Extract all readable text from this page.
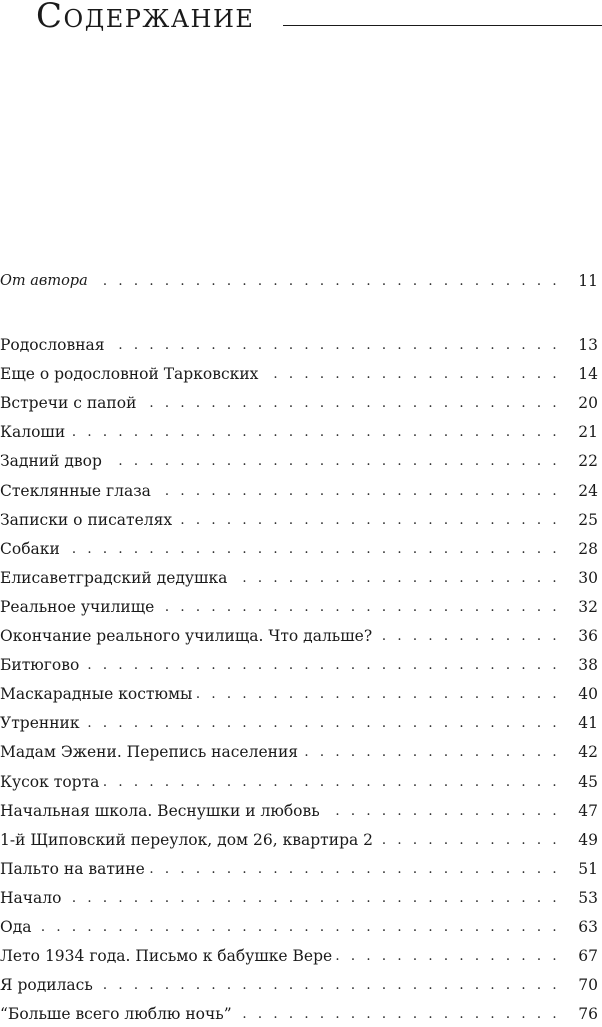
Содержание
. . .
От автора	11
. . .
Родословная	13
. . .
Еще о родословной Тарковских	14
. . .
Встречи с папой	20
. . .
Калоши	21
. . .
Задний двор	22
. . .
Стеклянные глаза	24
. . .
Записки о писателях	25
. . .
Собаки	28
. . .
Елисаветградский дедушка	30
. . .
Реальное училище	32
. . .
Окончание реального училища. Что дальше?	36
. . .
Битюгово	38
. . .
Маскарадные костюмы	40
. . .
Утренник	41
. . .
Мадам Эжени. Перепись населения	42
. . .
Кусок торта	45
. . .
Начальная школа. Веснушки и любовь	47
. . .
1-й Щиповский переулок, дом 26, квартира 2	49
. . .
Пальто на ватине	51
. . .
Начало	53
. . .
Ода	63
. . .
Лето 1934 года. Письмо к бабушке Вере	67
. . .
Я родилась	70
. . .
“Больше всего люблю ночь”	76
